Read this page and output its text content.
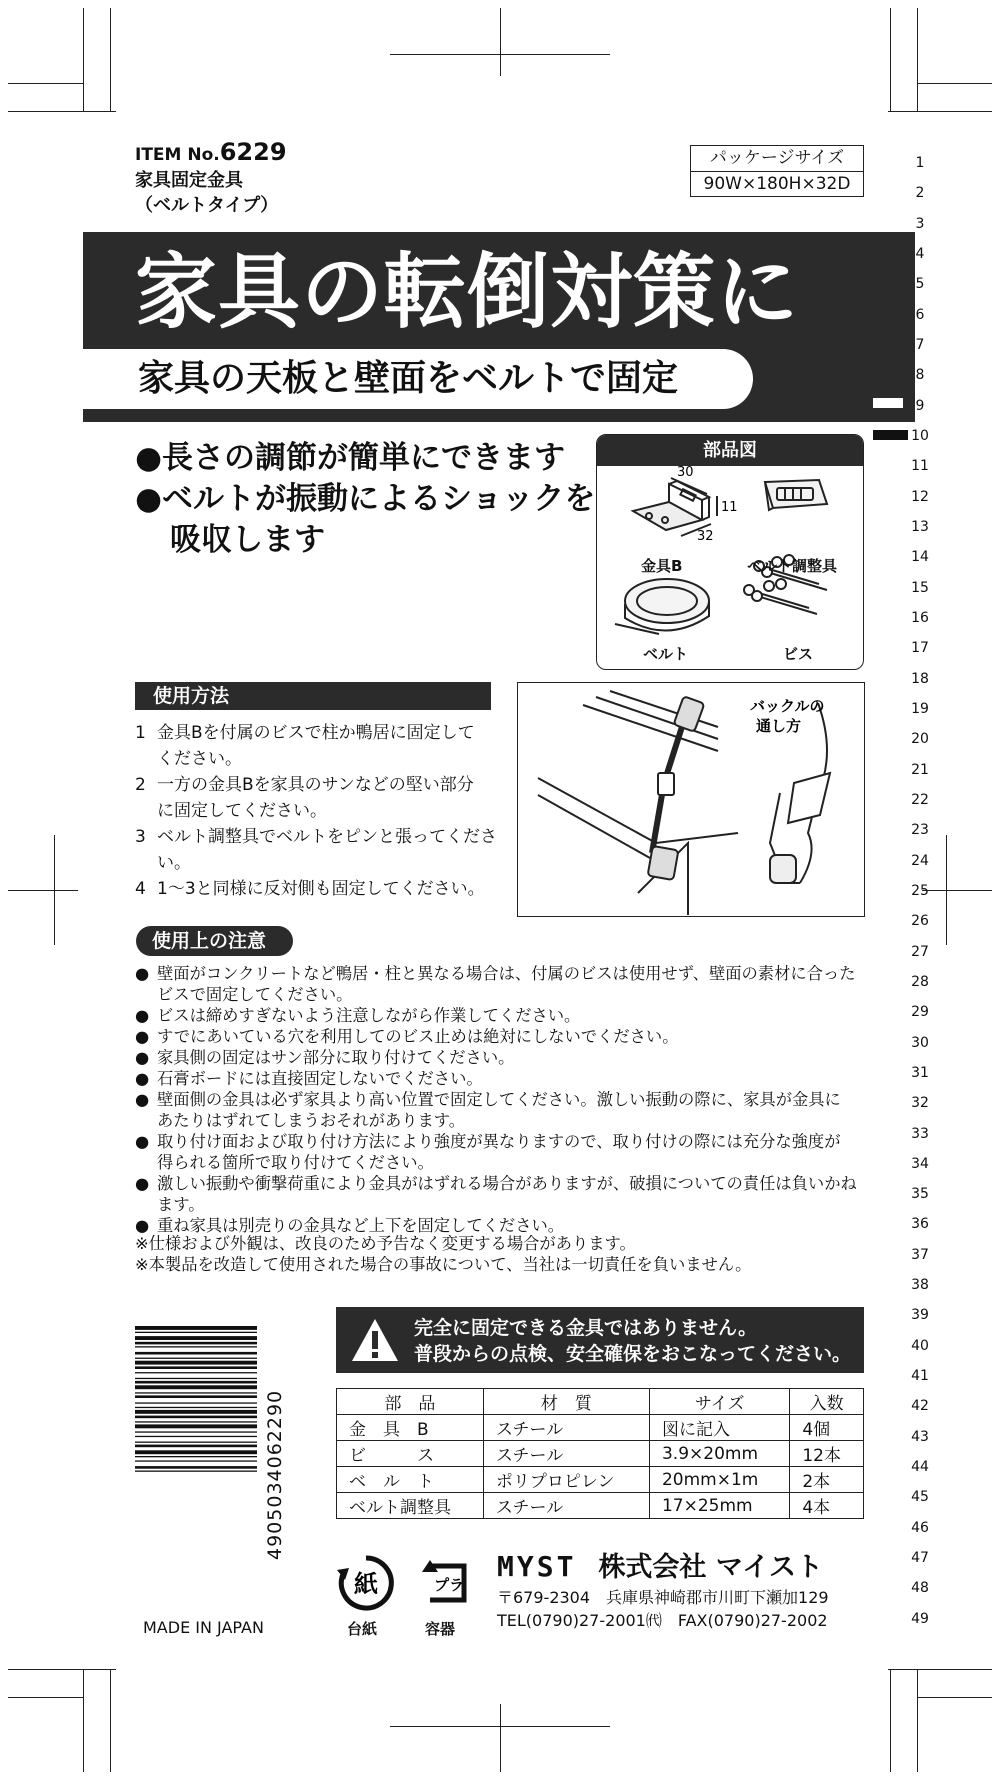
ITEM No.6229
家具固定金具
（ベルトタイプ）
パッケージサイズ
90W×180H×32D
1
2
3
4
5
6
7
8
9
10
11
12
13
14
15
16
17
18
19
20
21
22
23
24
25
26
27
28
29
30
31
32
33
34
35
36
37
38
39
40
41
42
43
44
45
46
47
48
49
家具の転倒対策に
家具の天板と壁面をベルトで固定
●長さの調節が簡単にできます
●ベルトが振動によるショックを
吸収します
部品図
30
11
32
金具B	ベルト調整具
ベルト	ビス
使用方法
1 金具Bを付属のビスで柱か鴨居に固定して
ください。
2 一方の金具Bを家具のサンなどの堅い部分
に固定してください。
3 ベルト調整具でベルトをピンと張ってください。
4 1〜3と同様に反対側も固定してください。
バックルの
通し方
使用上の注意
● 壁面がコンクリートなど鴨居・柱と異なる場合は、付属のビスは使用せず、壁面の素材に合った
ビスで固定してください。
● ビスは締めすぎないよう注意しながら作業してください。
● すでにあいている穴を利用してのビス止めは絶対にしないでください。
● 家具側の固定はサン部分に取り付けてください。
● 石膏ボードには直接固定しないでください。
● 壁面側の金具は必ず家具より高い位置で固定してください。激しい振動の際に、家具が金具に
あたりはずれてしまうおそれがあります。
● 取り付け面および取り付け方法により強度が異なりますので、取り付けの際には充分な強度が
得られる箇所で取り付けてください。
● 激しい振動や衝撃荷重により金具がはずれる場合がありますが、破損についての責任は負いかねます。
● 重ね家具は別売りの金具など上下を固定してください。
※仕様および外観は、改良のため予告なく変更する場合があります。
※本製品を改造して使用された場合の事故について、当社は一切責任を負いません。
完全に固定できる金具ではありません。
普段からの点検、安全確保をおこなってください。
部　品	材　質	サイズ	入数
金　具　B	スチール	図に記入	4個
ビ　　　ス	スチール	3.9×20mm	12本
ベ　ル　ト	ポリプロピレン	20mm×1m	2本
ベルト調整具	スチール	17×25mm	4本
4905034062290
MADE IN JAPAN
紙
台紙
プラ
容器
MYST 株式会社 マイスト
〒679-2304　兵庫県神崎郡市川町下瀬加129
TEL(0790)27-2001㈹　FAX(0790)27-2002
